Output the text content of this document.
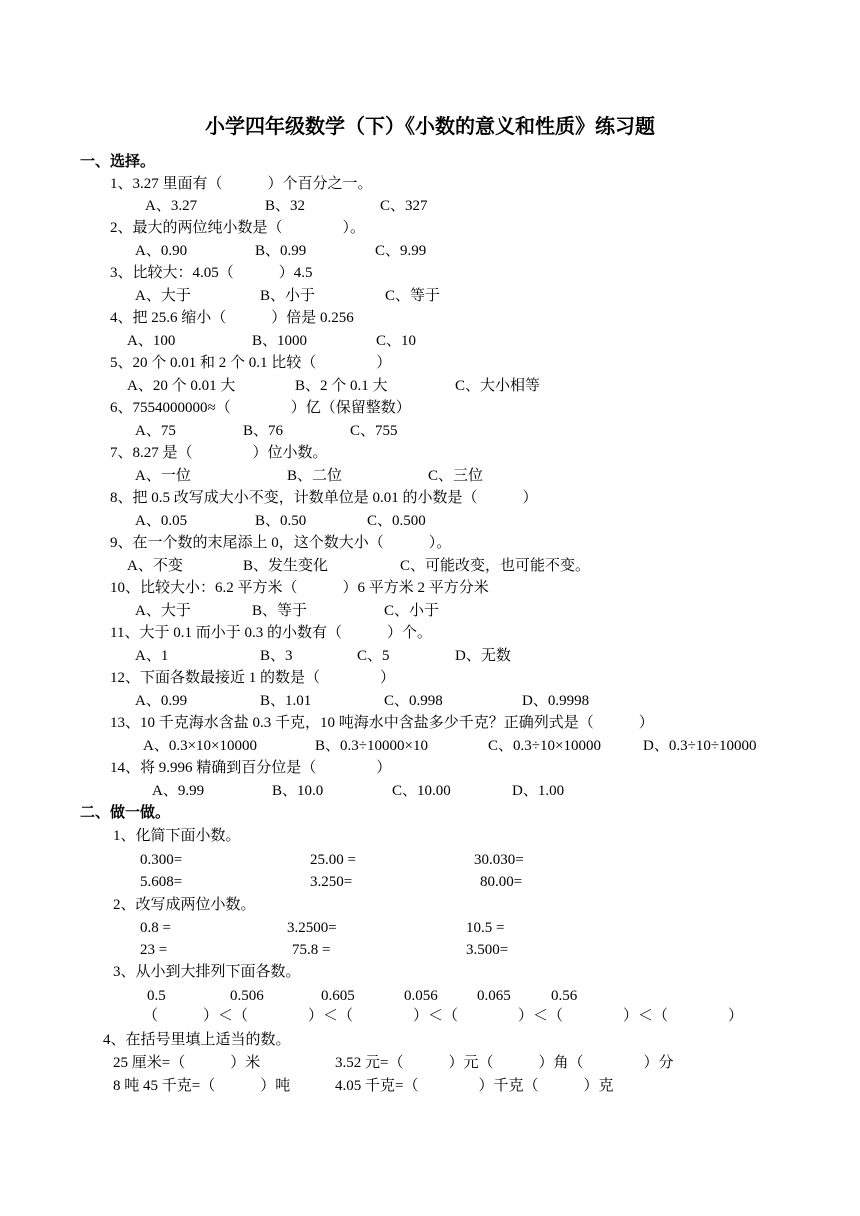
小学四年级数学（下）《小数的意义和性质》练习题
一、选择。
1、3.27 里面有（　　　）个百分之一。
A、3.27	B、32	C、327
2、最大的两位纯小数是（　　　　）。
A、0.90	B、0.99	C、9.99
3、比较大：4.05（　　　）4.5
A、大于	B、小于	C、等于
4、把 25.6 缩小（　　　）倍是 0.256
A、100	B、1000	C、10
5、20 个 0.01 和 2 个 0.1 比较（　　　　）
A、20 个 0.01 大	B、2 个 0.1 大	C、大小相等
6、7554000000≈（　　　　）亿（保留整数）
A、75	B、76	C、755
7、8.27 是（　　　　）位小数。
A、一位	B、二位	C、三位
8、把 0.5 改写成大小不变，计数单位是 0.01 的小数是（　　　）
A、0.05	B、0.50	C、0.500
9、在一个数的末尾添上 0，这个数大小（　　　）。
A、不变	B、发生变化	C、可能改变，也可能不变。
10、比较大小：6.2 平方米（　　　）6 平方米 2 平方分米
A、大于	B、等于	C、小于
11、大于 0.1 而小于 0.3 的小数有（　　　）个。
A、1	B、3	C、5	D、无数
12、下面各数最接近 1 的数是（　　　　）
A、0.99	B、1.01	C、0.998	D、0.9998
13、10 千克海水含盐 0.3 千克，10 吨海水中含盐多少千克？正确列式是（　　　）
A、0.3×10×10000	B、0.3÷10000×10	C、0.3÷10×10000	D、0.3÷10÷10000
14、将 9.996 精确到百分位是（　　　　）
A、9.99	B、10.0	C、10.00	D、1.00
二、做一做。
1、化简下面小数。
0.300=	25.00 =	30.030=
5.608=	3.250=	80.00=
2、改写成两位小数。
0.8 =	3.2500=	10.5 =
23 =	75.8 =	3.500=
3、从小到大排列下面各数。
0.5	0.506	0.605	0.056	0.065	0.56
（　　　）＜（　　　　）＜（　　　　）＜（　　　　）＜（　　　　）＜（　　　　）
4、在括号里填上适当的数。
25 厘米=（　　　）米	3.52 元=（　　　）元（　　　）角（　　　　）分
8 吨 45 千克=（　　　）吨	4.05 千克=（　　　　）千克（　　　）克
